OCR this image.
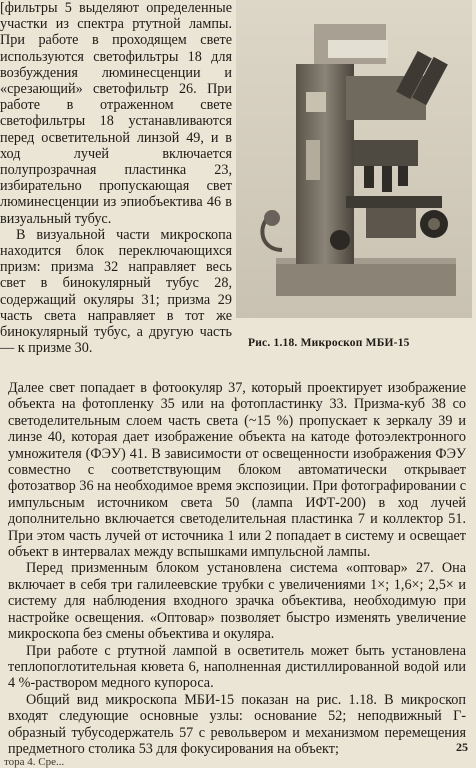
[фильтры 5 выделяют определенные участки из спектра ртутной лампы. При работе в проходящем свете используются светофильтры 18 для возбуждения люминесценции и «срезающий» светофильтр 26. При работе в отраженном свете светофильтры 18 устанавливаются перед осветительной линзой 49, и в ход лучей включается полупрозрачная пластинка 23, избирательно пропускающая свет люминесценции из эпиобъектива 46 в визуальный тубус.

В визуальной части микроскопа находится блок переключающихся призм: призма 32 направляет весь свет в бинокулярный тубус 28, содержащий окуляры 31; призма 29 часть света направляет в тот же бинокулярный тубус, а другую часть — к призме 30.	Рис. 1.18. Микроскоп МБИ-15

Далее свет попадает в фотоокуляр 37, который проектирует изображение объекта на фотопленку 35 или на фотопластинку 33. Призма-куб 38 со светоделительным слоем часть света (~15 %) пропускает к зеркалу 39 и линзе 40, которая дает изображение объекта на катоде фотоэлектронного умножителя (ФЭУ) 41. В зависимости от освещенности изображения ФЭУ совместно с соответствующим блоком автоматически открывает фотозатвор 36 на необходимое время экспозиции. При фотографировании с импульсным источником света 50 (лампа ИФТ-200) в ход лучей дополнительно включается светоделительная пластинка 7 и коллектор 51. При этом часть лучей от источника 1 или 2 попадает в систему и освещает объект в интервалах между вспышками импульсной лампы.

Перед призменным блоком установлена система «оптовар» 27. Она включает в себя три галилеевские трубки с увеличениями 1×; 1,6×; 2,5× и систему для наблюдения входного зрачка объектива, необходимую при настройке освещения. «Оптовар» позволяет быстро изменять увеличение микроскопа без смены объектива и окуляра.

При работе с ртутной лампой в осветитель может быть установлена теплопоглотительная кювета 6, наполненная дистиллированной водой или 4 %-раствором медного купороса.

Общий вид микроскопа МБИ-15 показан на рис. 1.18. В микроскоп входят следующие основные узлы: основание 52; неподвижный Г-образный тубусодержатель 57 с револьвером и механизмом перемещения предметного столика 53 для фокусирования на объект;	25
тора 4. Сре...
